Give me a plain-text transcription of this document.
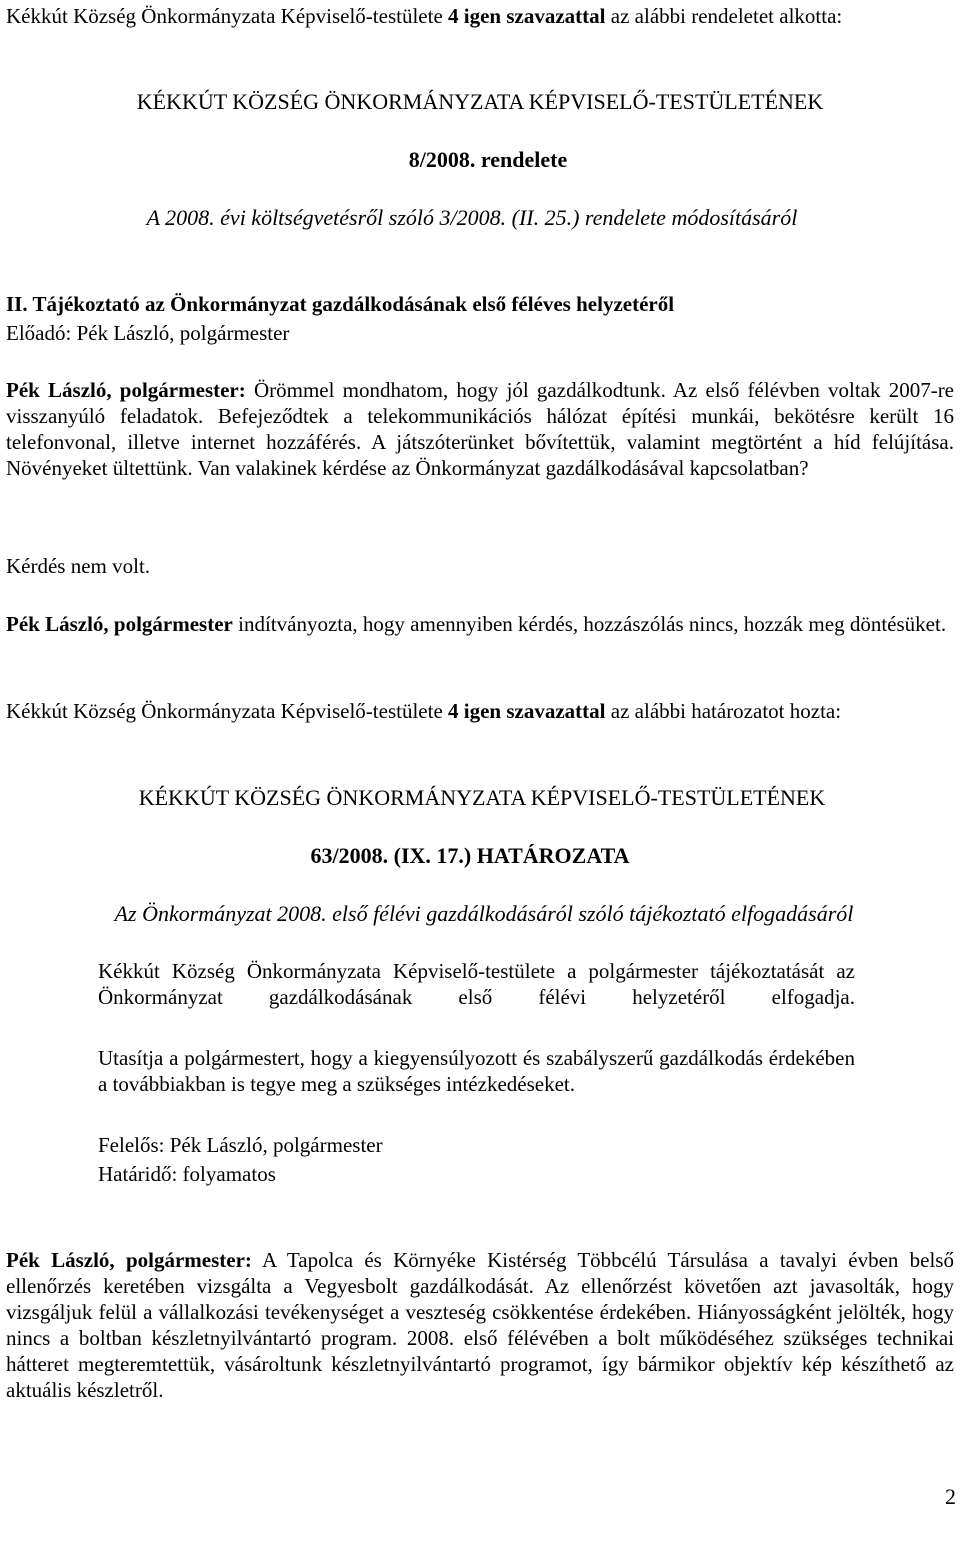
Kékkút Község Önkormányzata Képviselő-testülete 4 igen szavazattal az alábbi rendeletet alkotta:

KÉKKÚT KÖZSÉG ÖNKORMÁNYZATA KÉPVISELŐ-TESTÜLETÉNEK

8/2008. rendelete

A 2008. évi költségvetésről szóló 3/2008. (II. 25.) rendelete módosításáról

II. Tájékoztató az Önkormányzat gazdálkodásának első féléves helyzetéről

Előadó: Pék László, polgármester

Pék László, polgármester: Örömmel mondhatom, hogy jól gazdálkodtunk. Az első félévben voltak 2007-re visszanyúló feladatok. Befejeződtek a telekommunikációs hálózat építési munkái, bekötésre került 16 telefonvonal, illetve internet hozzáférés. A játszóterünket bővítettük, valamint megtörtént a híd felújítása. Növényeket ültettünk. Van valakinek kérdése az Önkormányzat gazdálkodásával kapcsolatban?

Kérdés nem volt.

Pék László, polgármester indítványozta, hogy amennyiben kérdés, hozzászólás nincs, hozzák meg döntésüket.

Kékkút Község Önkormányzata Képviselő-testülete 4 igen szavazattal az alábbi határozatot hozta:

KÉKKÚT KÖZSÉG ÖNKORMÁNYZATA KÉPVISELŐ-TESTÜLETÉNEK

63/2008. (IX. 17.) HATÁROZATA

Az Önkormányzat 2008. első félévi gazdálkodásáról szóló tájékoztató elfogadásáról

Kékkút Község Önkormányzata Képviselő-testülete a polgármester tájékoztatását az Önkormányzat gazdálkodásának első félévi helyzetéről elfogadja.

Utasítja a polgármestert, hogy a kiegyensúlyozott és szabályszerű gazdálkodás érdekében a továbbiakban is tegye meg a szükséges intézkedéseket.

Felelős: Pék László, polgármester

Határidő: folyamatos

Pék László, polgármester: A Tapolca és Környéke Kistérség Többcélú Társulása a tavalyi évben belső ellenőrzés keretében vizsgálta a Vegyesbolt gazdálkodását. Az ellenőrzést követően azt javasolták, hogy vizsgáljuk felül a vállalkozási tevékenységet a veszteség csökkentése érdekében. Hiányosságként jelölték, hogy nincs a boltban készletnyilvántartó program. 2008. első félévében a bolt működéséhez szükséges technikai hátteret megteremtettük, vásároltunk készletnyilvántartó programot, így bármikor objektív kép készíthető az aktuális készletről.

2
